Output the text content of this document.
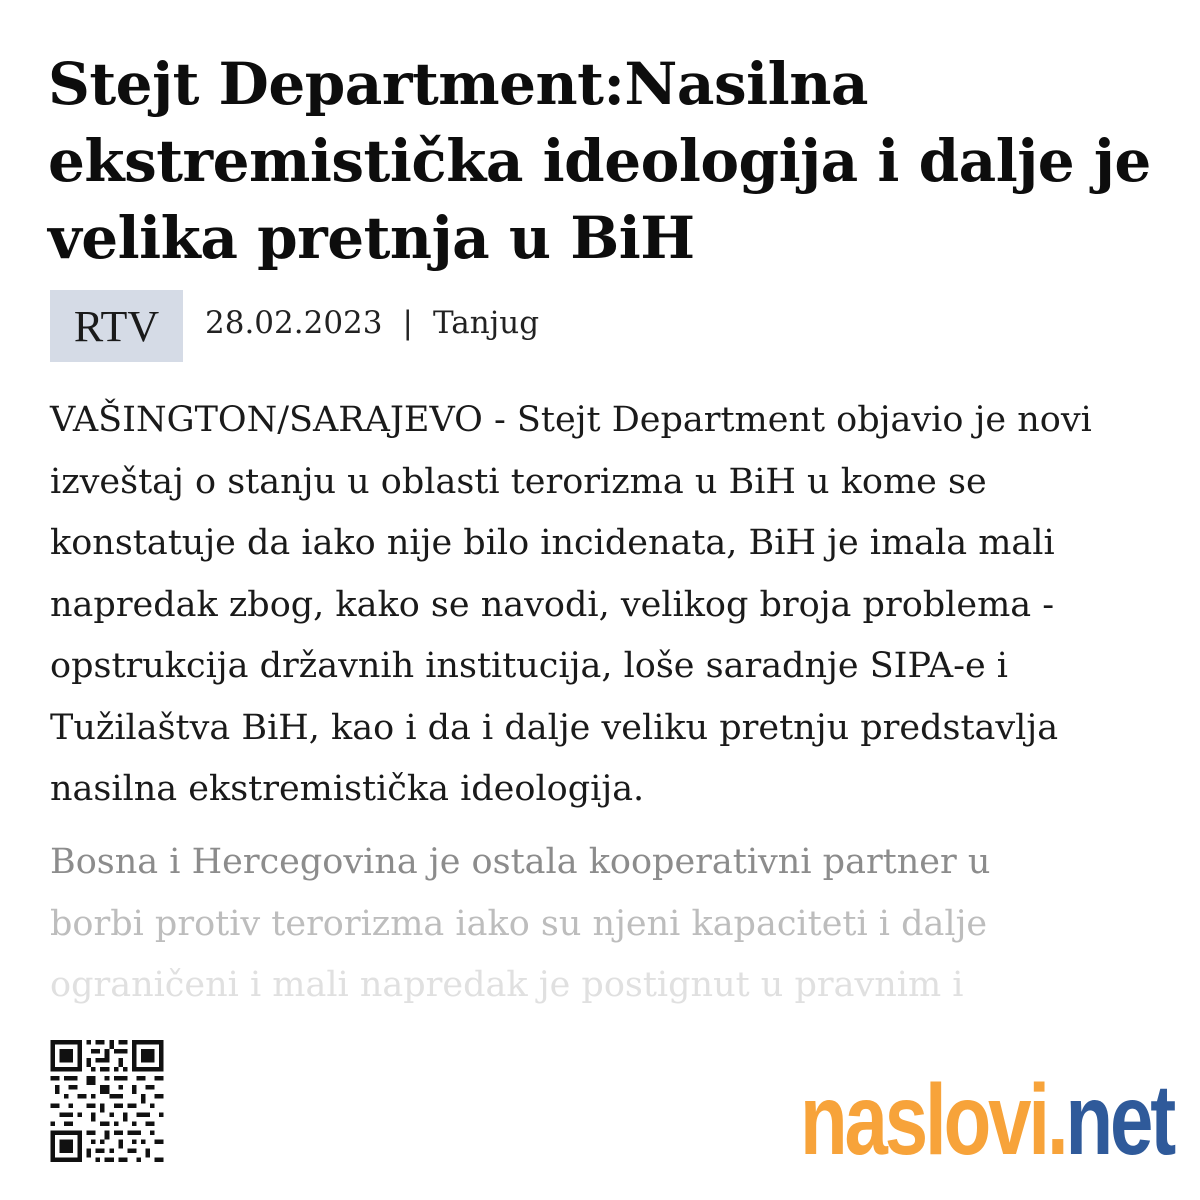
Stejt Department:Nasilna ekstremistička ideologija i dalje je velika pretnja u BiH
RTV	28.02.2023 | Tanjug

VAŠINGTON/SARAJEVO - Stejt Department objavio je novi izveštaj o stanju u oblasti terorizma u BiH u kome se konstatuje da iako nije bilo incidenata, BiH je imala mali napredak zbog, kako se navodi, velikog broja problema - opstrukcija državnih institucija, loše saradnje SIPA-e i Tužilaštva BiH, kao i da i dalje veliku pretnju predstavlja nasilna ekstremistička ideologija.

Bosna i Hercegovina je ostala kooperativni partner u
borbi protiv terorizma iako su njeni kapaciteti i dalje
ograničeni i mali napredak je postignut u pravnim i
naslovi . net
